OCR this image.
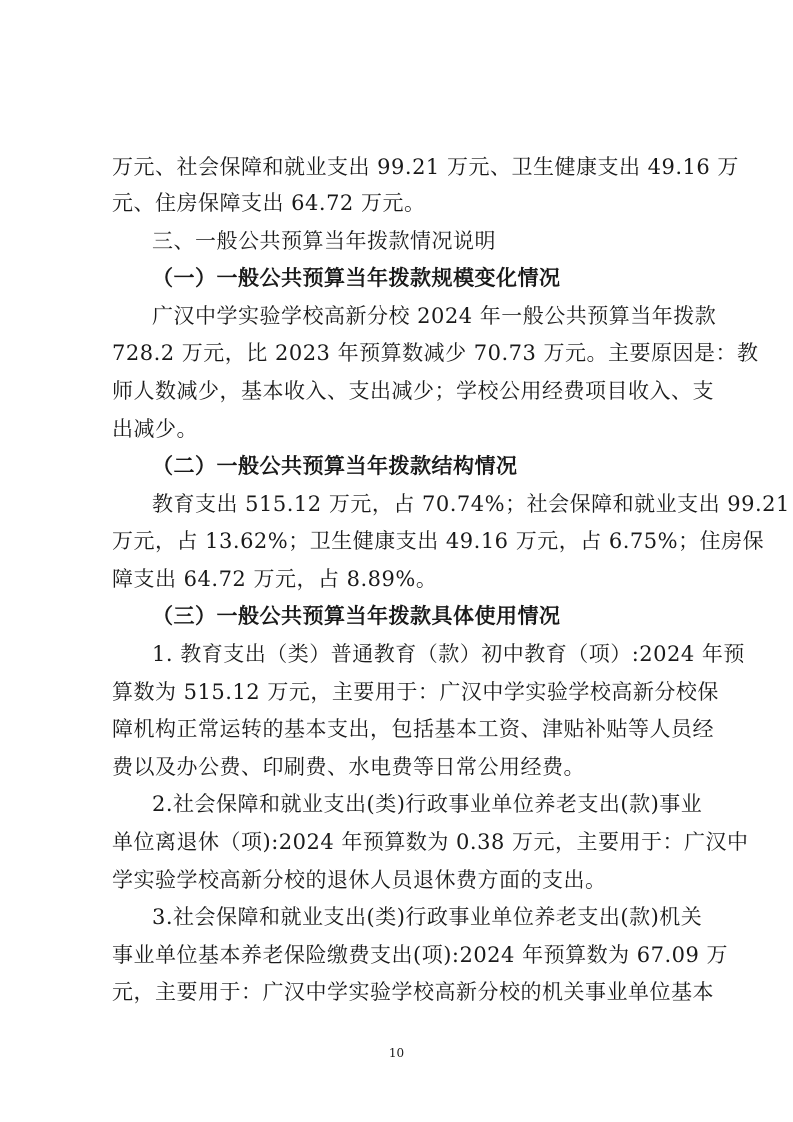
万元、社会保障和就业支出 99.21 万元、卫生健康支出 49.16 万
元、住房保障支出 64.72 万元。
三、一般公共预算当年拨款情况说明
（一）一般公共预算当年拨款规模变化情况
广汉中学实验学校高新分校 2024 年一般公共预算当年拨款
728.2 万元，比 2023 年预算数减少 70.73 万元。主要原因是：教
师人数减少，基本收入、支出减少；学校公用经费项目收入、支
出减少。
（二）一般公共预算当年拨款结构情况
教育支出 515.12 万元，占 70.74%；社会保障和就业支出 99.21
万元，占 13.62%；卫生健康支出 49.16 万元，占 6.75%；住房保
障支出 64.72 万元，占 8.89%。
（三）一般公共预算当年拨款具体使用情况
1. 教育支出（类）普通教育（款）初中教育（项）:2024 年预
算数为 515.12 万元，主要用于：广汉中学实验学校高新分校保
障机构正常运转的基本支出，包括基本工资、津贴补贴等人员经
费以及办公费、印刷费、水电费等日常公用经费。
2.社会保障和就业支出(类)行政事业单位养老支出(款)事业
单位离退休（项):2024 年预算数为 0.38 万元，主要用于：广汉中
学实验学校高新分校的退休人员退休费方面的支出。
3.社会保障和就业支出(类)行政事业单位养老支出(款)机关
事业单位基本养老保险缴费支出(项):2024 年预算数为 67.09 万
元，主要用于：广汉中学实验学校高新分校的机关事业单位基本
10
